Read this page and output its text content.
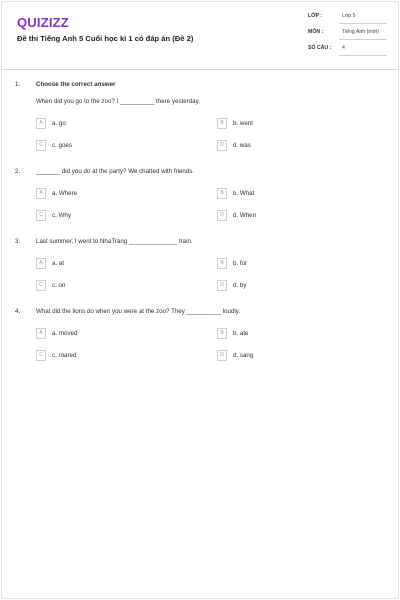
QUIZIZZ
Đề thi Tiếng Anh 5 Cuối học kì 1 có đáp án (Đề 2)
LỚP :	Lớp 5
MÔN :	Tiếng Anh (mới)
SỐ CÂU : 4
1.	Choose the correct answer
When did you go to the zoo? I __________ there yesterday.
A	a. go	B	b. went
C	c. goes	D	d. was
2.	_______ did you do at the party? We chatted with friends.
A	a. Where	B	b. What
C	c. Why	D	d. When
3.	Last summer, I went to NhaTrang ______________ train.
A	a. at	B	b. for
C	c. on	D	d. by
4.	What did the lions do when you were at the zoo? They __________ loudly.
A	a. moved	B	b. ate
C	c. roared	D	d. sang
